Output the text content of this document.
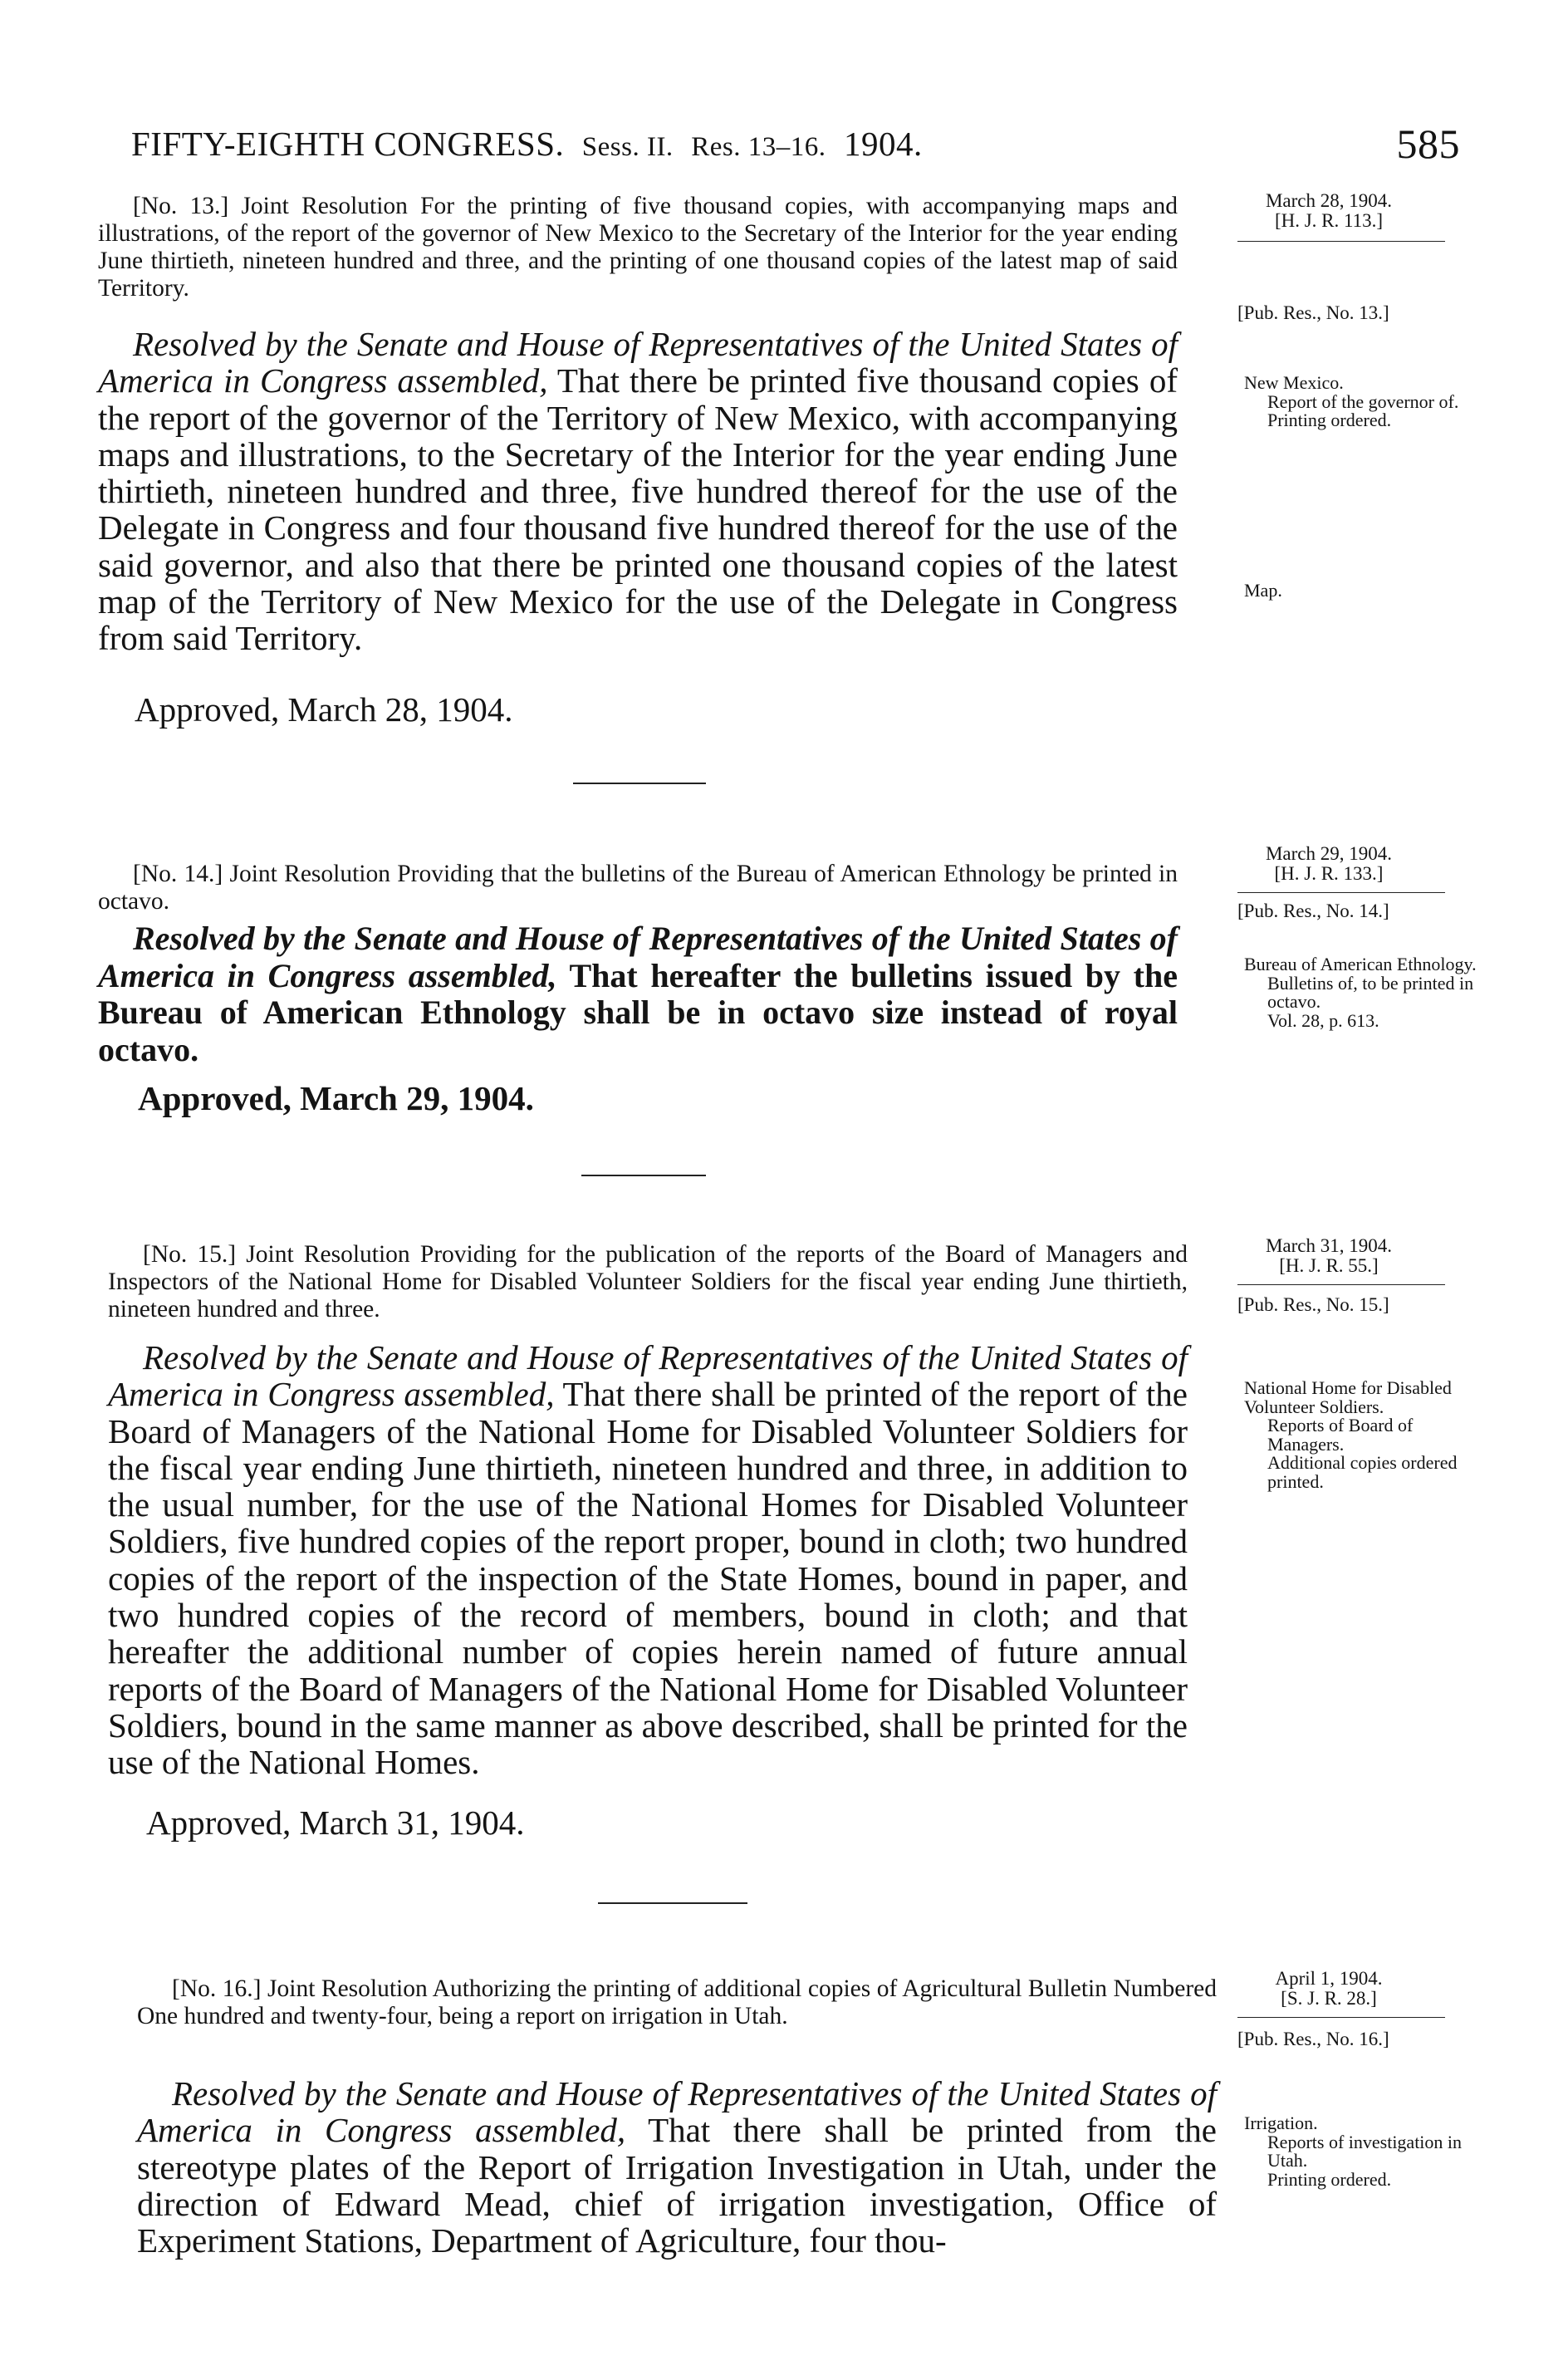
FIFTY-EIGHTH CONGRESS. Sess. II. Res. 13–16. 1904.	585
March 28, 1904.
[H. J. R. 113.]
[Pub. Res., No. 13.]
[No. 13.] Joint Resolution For the printing of five thousand copies, with accompanying maps and illustrations, of the report of the governor of New Mexico to the Secretary of the Interior for the year ending June thirtieth, nineteen hundred and three, and the printing of one thousand copies of the latest map of said Territory.
Resolved by the Senate and House of Representatives of the United States of America in Congress assembled, That there be printed five thousand copies of the report of the governor of the Territory of New Mexico, with accompanying maps and illustrations, to the Secretary of the Interior for the year ending June thirtieth, nineteen hundred and three, five hundred thereof for the use of the Delegate in Congress and four thousand five hundred thereof for the use of the said governor, and also that there be printed one thousand copies of the latest map of the Territory of New Mexico for the use of the Delegate in Congress from said Territory.
Approved, March 28, 1904.
New Mexico.
Report of the governor of.
Printing ordered.
Map.
March 29, 1904.
[H. J. R. 133.]
[Pub. Res., No. 14.]
[No. 14.] Joint Resolution Providing that the bulletins of the Bureau of American Ethnology be printed in octavo.
Resolved by the Senate and House of Representatives of the United States of America in Congress assembled, That hereafter the bulletins issued by the Bureau of American Ethnology shall be in octavo size instead of royal octavo.
Approved, March 29, 1904.
Bureau of American Ethnology.
Bulletins of, to be printed in octavo.
Vol. 28, p. 613.
March 31, 1904.
[H. J. R. 55.]
[Pub. Res., No. 15.]
[No. 15.] Joint Resolution Providing for the publication of the reports of the Board of Managers and Inspectors of the National Home for Disabled Volunteer Soldiers for the fiscal year ending June thirtieth, nineteen hundred and three.
Resolved by the Senate and House of Representatives of the United States of America in Congress assembled, That there shall be printed of the report of the Board of Managers of the National Home for Disabled Volunteer Soldiers for the fiscal year ending June thirtieth, nineteen hundred and three, in addition to the usual number, for the use of the National Homes for Disabled Volunteer Soldiers, five hundred copies of the report proper, bound in cloth; two hundred copies of the report of the inspection of the State Homes, bound in paper, and two hundred copies of the record of members, bound in cloth; and that hereafter the additional number of copies herein named of future annual reports of the Board of Managers of the National Home for Disabled Volunteer Soldiers, bound in the same manner as above described, shall be printed for the use of the National Homes.
Approved, March 31, 1904.
National Home for Disabled Volunteer Soldiers.
Reports of Board of Managers.
Additional copies ordered printed.
April 1, 1904.
[S. J. R. 28.]
[Pub. Res., No. 16.]
[No. 16.] Joint Resolution Authorizing the printing of additional copies of Agricultural Bulletin Numbered One hundred and twenty-four, being a report on irrigation in Utah.
Resolved by the Senate and House of Representatives of the United States of America in Congress assembled, That there shall be printed from the stereotype plates of the Report of Irrigation Investigation in Utah, under the direction of Edward Mead, chief of irrigation investigation, Office of Experiment Stations, Department of Agriculture, four thou-
Irrigation.
Reports of investigation in Utah.
Printing ordered.
